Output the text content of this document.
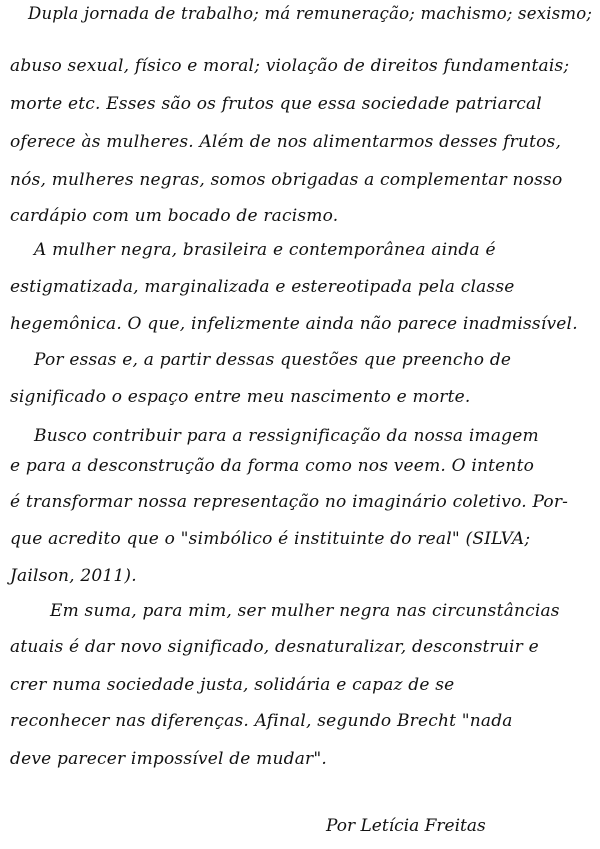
Dupla jornada de trabalho; má remuneração; machismo; sexismo;
abuso sexual, físico e moral; violação de direitos fundamentais;
morte etc. Esses são os frutos que essa sociedade patriarcal
oferece às mulheres. Além de nos alimentarmos desses frutos,
nós, mulheres negras, somos obrigadas a complementar nosso
cardápio com um bocado de racismo.
A mulher negra, brasileira e contemporânea ainda é
estigmatizada, marginalizada e estereotipada pela classe
hegemônica. O que, infelizmente ainda não parece inadmissível.
Por essas e, a partir dessas questões que preencho de
significado o espaço entre meu nascimento e morte.
Busco contribuir para a ressignificação da nossa imagem
e para a desconstrução da forma como nos veem. O intento
é transformar nossa representação no imaginário coletivo. Por-
que acredito que o "simbólico é instituinte do real" (SILVA;
Jailson, 2011).
Em suma, para mim, ser mulher negra nas circunstâncias
atuais é dar novo significado, desnaturalizar, desconstruir e
crer numa sociedade justa, solidária e capaz de se
reconhecer nas diferenças. Afinal, segundo Brecht "nada
deve parecer impossível de mudar".
Por Letícia Freitas
